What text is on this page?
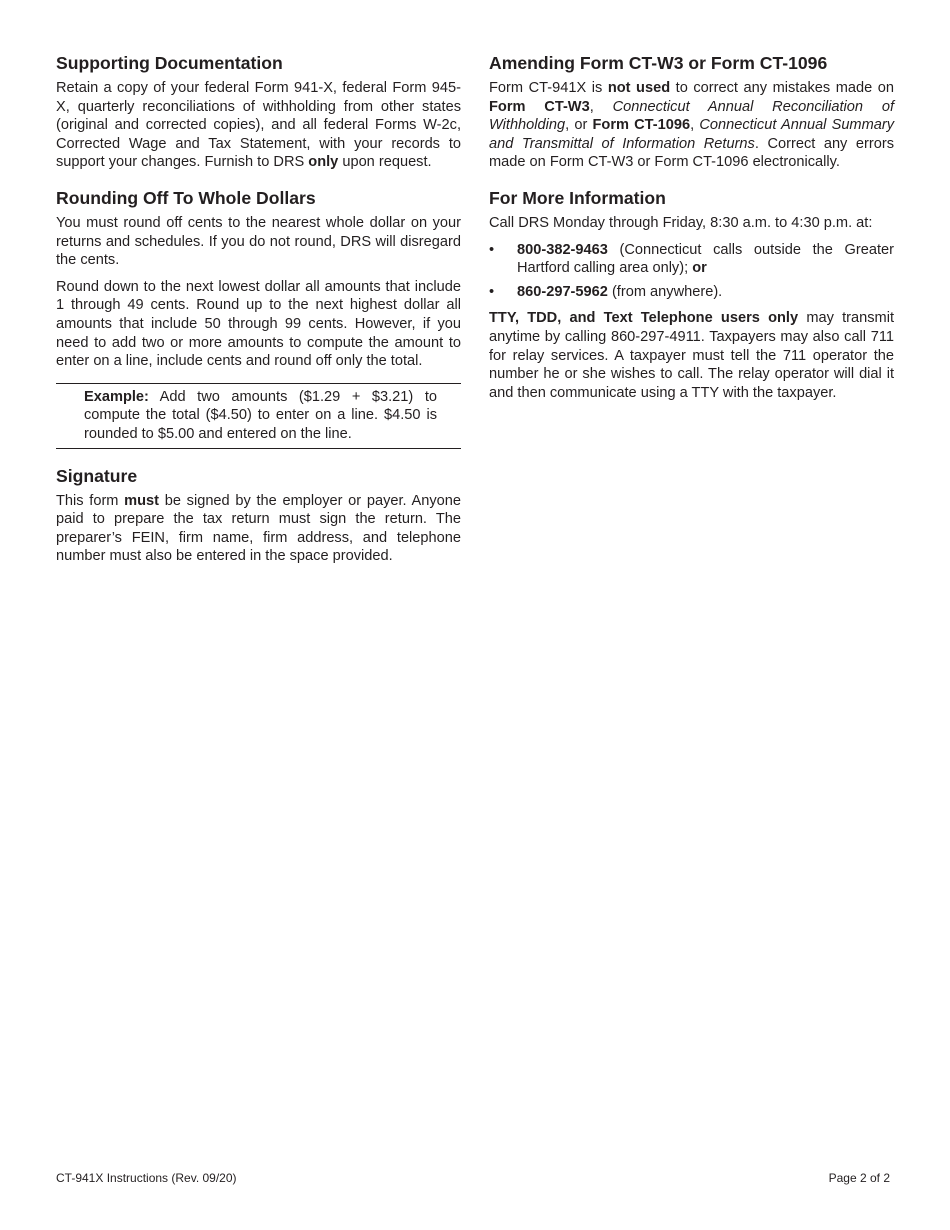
Supporting Documentation

Retain a copy of your federal Form 941-X, federal Form 945-X, quarterly reconciliations of withholding from other states (original and corrected copies), and all federal Forms W-2c, Corrected Wage and Tax Statement, with your records to support your changes. Furnish to DRS only upon request.

Rounding Off To Whole Dollars

You must round off cents to the nearest whole dollar on your returns and schedules. If you do not round, DRS will disregard the cents.

Round down to the next lowest dollar all amounts that include 1 through 49 cents. Round up to the next highest dollar all amounts that include 50 through 99 cents. However, if you need to add two or more amounts to compute the amount to enter on a line, include cents and round off only the total.

Example: Add two amounts ($1.29 + $3.21) to compute the total ($4.50) to enter on a line. $4.50 is rounded to $5.00 and entered on the line.

Signature

This form must be signed by the employer or payer. Anyone paid to prepare the tax return must sign the return. The preparer’s FEIN, firm name, firm address, and telephone number must also be entered in the space provided.

Amending Form CT-W3 or Form CT-1096

Form CT-941X is not used to correct any mistakes made on Form CT-W3, Connecticut Annual Reconciliation of Withholding, or Form CT-1096, Connecticut Annual Summary and Transmittal of Information Returns. Correct any errors made on Form CT-W3 or Form CT-1096 electronically.

For More Information

Call DRS Monday through Friday, 8:30 a.m. to 4:30 p.m. at:

• 800-382-9463 (Connecticut calls outside the Greater Hartford calling area only); or
• 860-297-5962 (from anywhere).

TTY, TDD, and Text Telephone users only may transmit anytime by calling 860-297-4911. Taxpayers may also call 711 for relay services. A taxpayer must tell the 711 operator the number he or she wishes to call. The relay operator will dial it and then communicate using a TTY with the taxpayer.

CT-941X Instructions (Rev. 09/20)	Page 2 of 2
